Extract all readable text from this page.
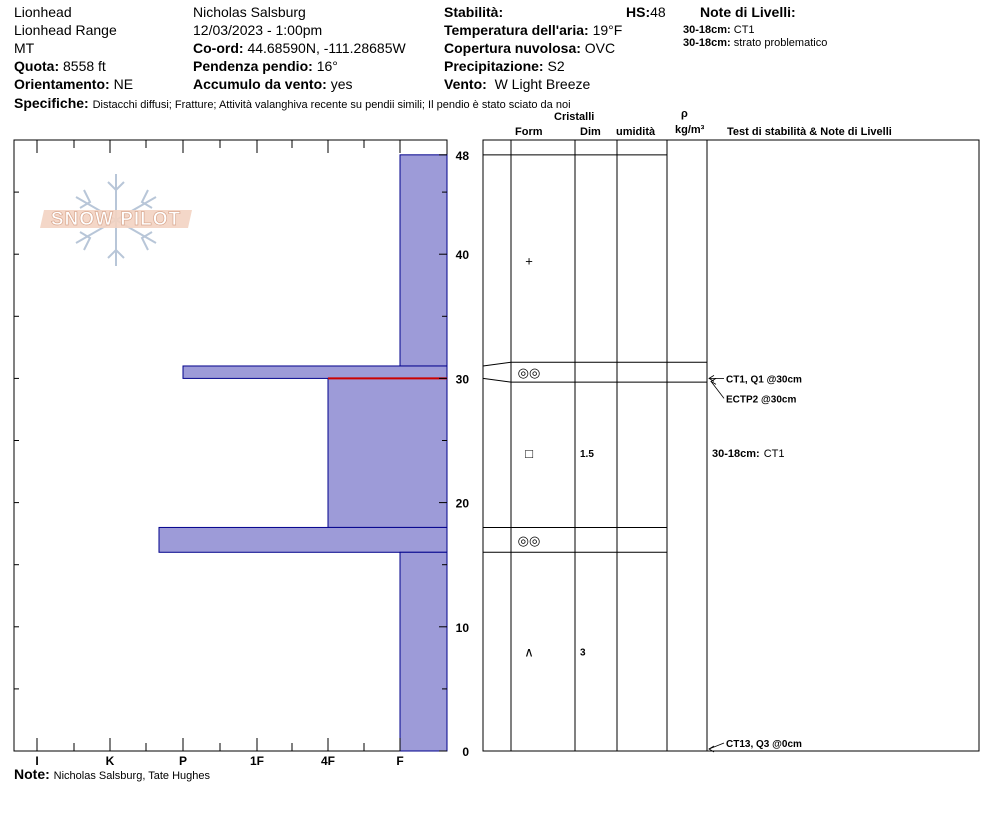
Lionhead
Lionhead Range
MT
Quota: 8558 ft
Orientamento: NE
Nicholas Salsburg
12/03/2023 - 1:00pm
Co-ord: 44.68590N, -111.28685W
Pendenza pendio: 16°
Accumulo da vento: yes
Stabilità:	HS:48
Temperatura dell'aria: 19°F
Copertura nuvolosa: OVC
Precipitazione: S2
Vento: W Light Breeze
Note di Livelli:
30-18cm: CT1
30-18cm: strato problematico
Specifiche: Distacchi diffusi; Fratture; Attività valanghiva recente su pendii simili; Il pendio è stato sciato da noi
Cristalli
Form	Dim umidità
ρ
kg/m³ Test di stabilità & Note di Livelli
SNOW PILOT
0
10
20
30
40
48
I	K	P	1F	4F	F
+
◎◎
□	1.5
◎◎
∧	3
CT1, Q1 @30cm
ECTP2 @30cm
CT13, Q3 @0cm
30-18cm: CT1
Note: Nicholas Salsburg, Tate Hughes
